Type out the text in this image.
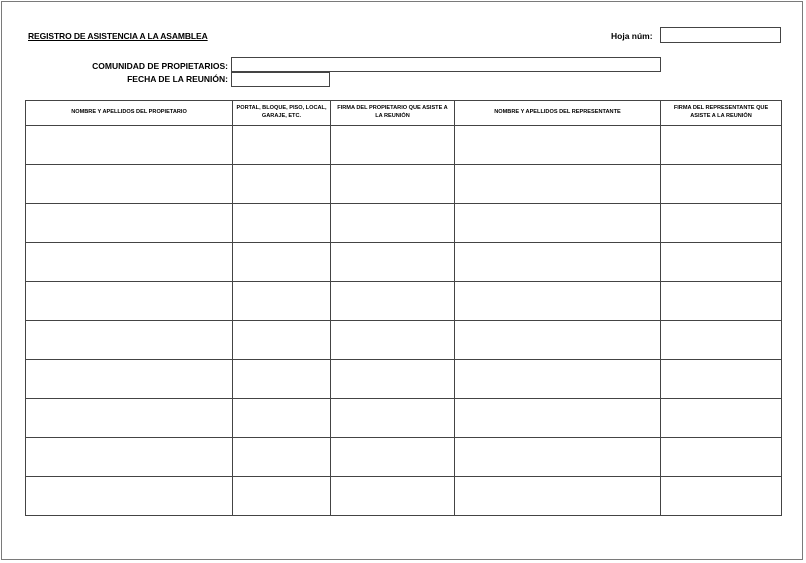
REGISTRO DE ASISTENCIA A LA ASAMBLEA	Hoja núm:
COMUNIDAD DE PROPIETARIOS:
FECHA DE LA REUNIÓN:
NOMBRE Y APELLIDOS DEL PROPIETARIO	PORTAL, BLOQUE, PISO, LOCAL, GARAJE, ETC.	FIRMA DEL PROPIETARIO QUE ASISTE A LA REUNIÓN	NOMBRE Y APELLIDOS DEL REPRESENTANTE	FIRMA DEL REPRESENTANTE QUE ASISTE A LA REUNIÓN
